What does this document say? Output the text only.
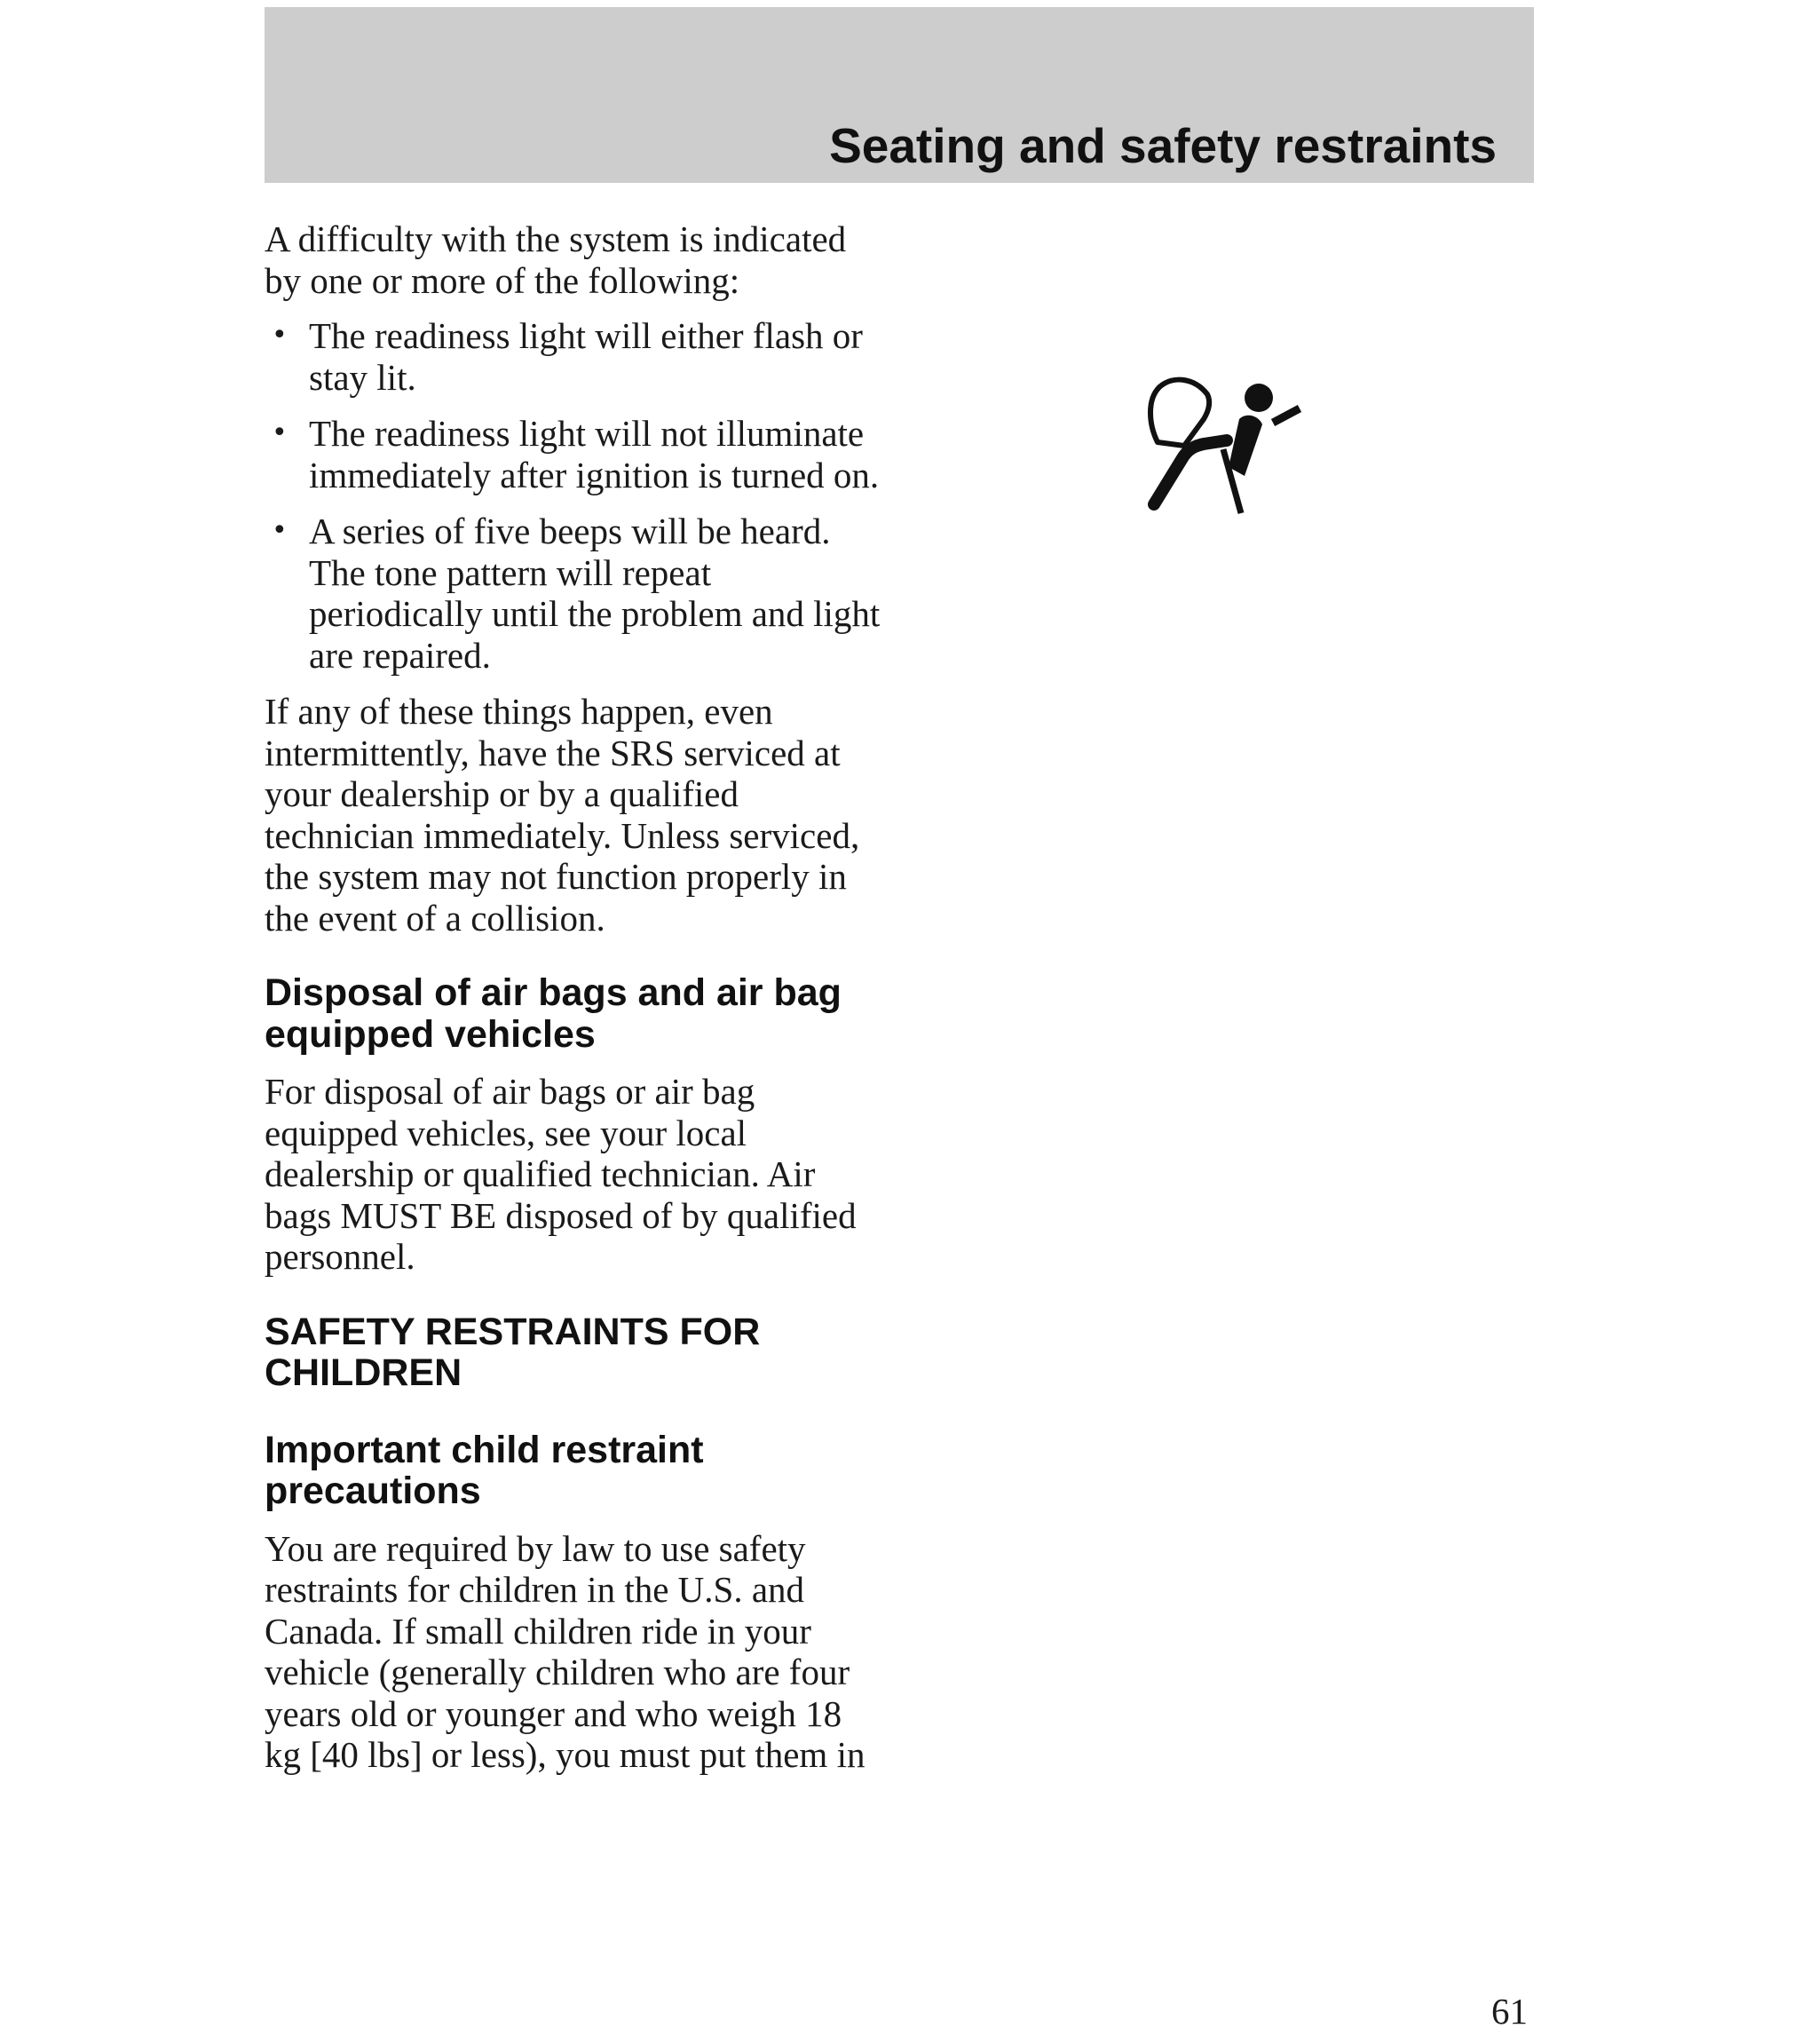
Seating and safety restraints

A difficulty with the system is indicated by one or more of the following:

• The readiness light will either flash or stay lit.
• The readiness light will not illuminate immediately after ignition is turned on.
• A series of five beeps will be heard. The tone pattern will repeat periodically until the problem and light are repaired.

If any of these things happen, even intermittently, have the SRS serviced at your dealership or by a qualified technician immediately. Unless serviced, the system may not function properly in the event of a collision.

Disposal of air bags and air bag equipped vehicles

For disposal of air bags or air bag equipped vehicles, see your local dealership or qualified technician. Air bags MUST BE disposed of by qualified personnel.

SAFETY RESTRAINTS FOR CHILDREN
Important child restraint precautions

You are required by law to use safety restraints for children in the U.S. and Canada. If small children ride in your vehicle (generally children who are four years old or younger and who weigh 18 kg [40 lbs] or less), you must put them in

61
